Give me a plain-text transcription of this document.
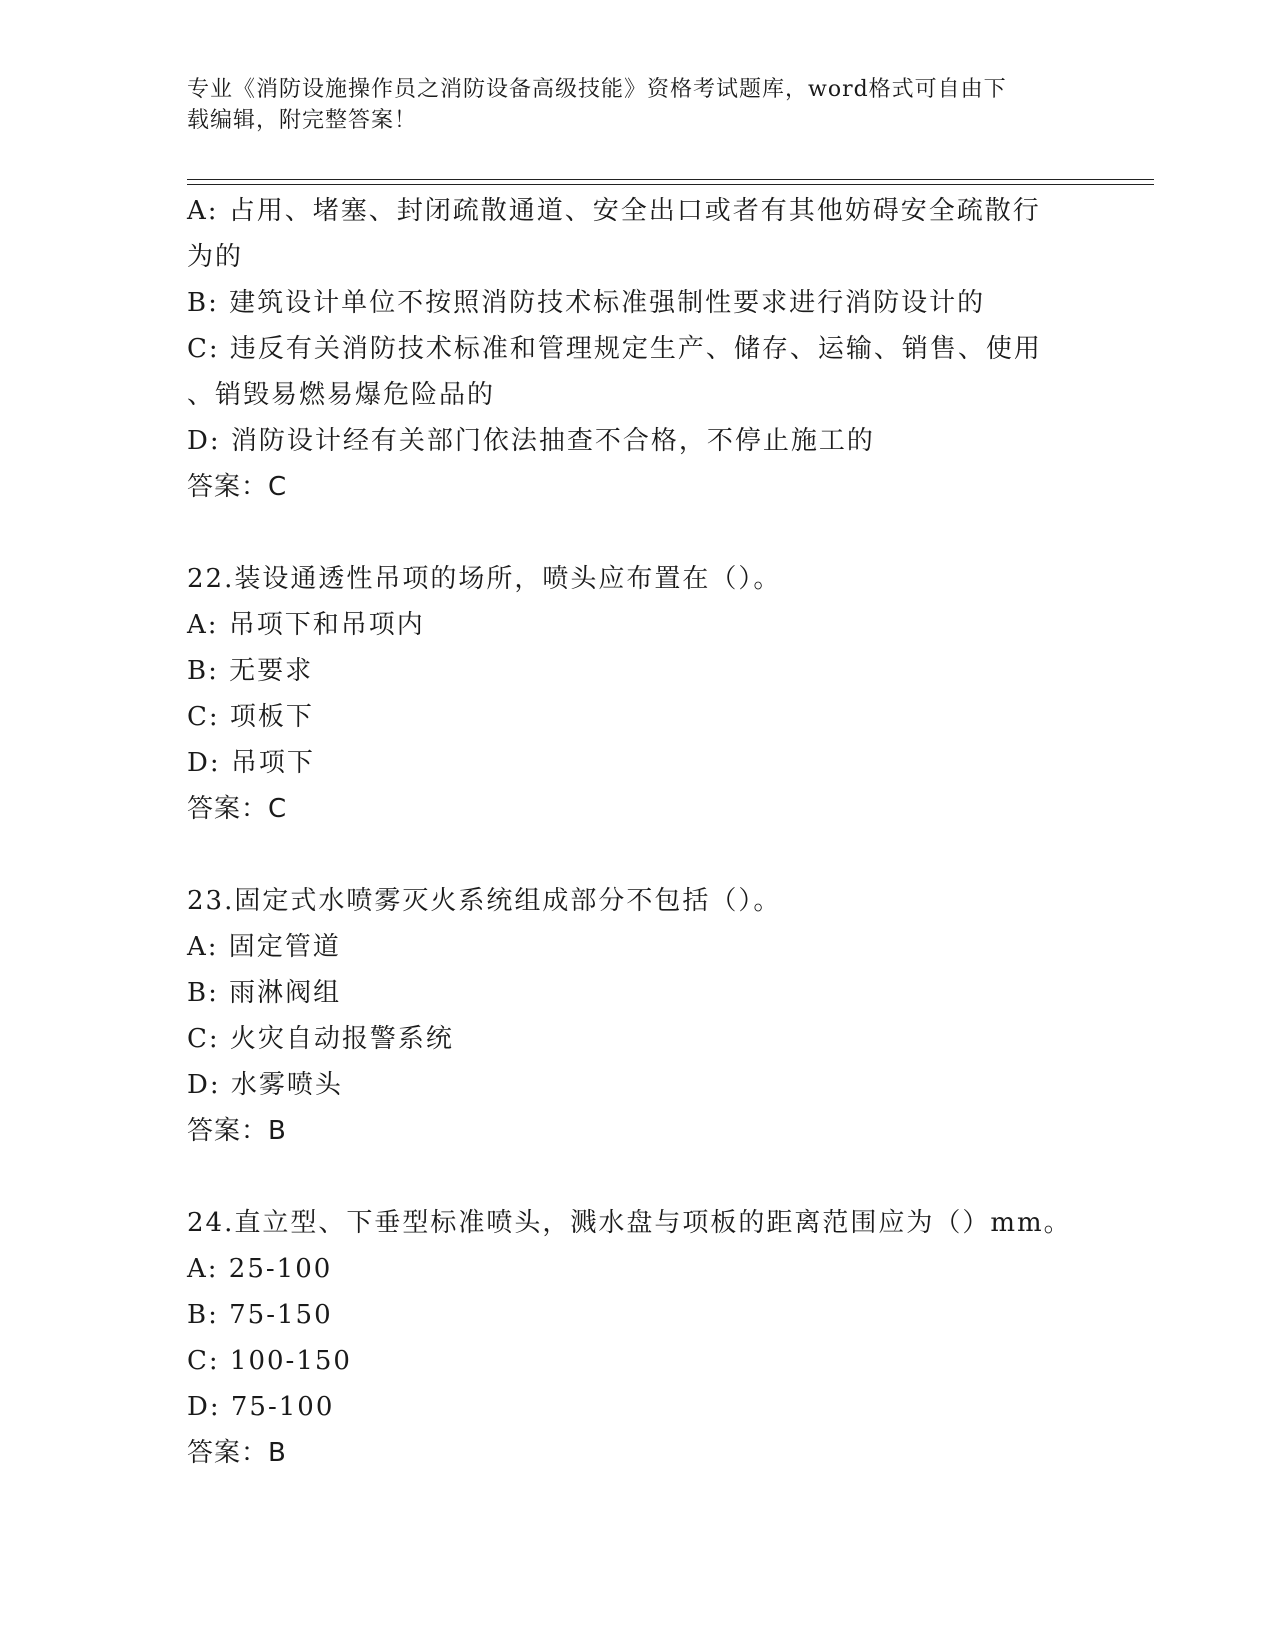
专业《消防设施操作员之消防设备高级技能》资格考试题库，word格式可自由下
载编辑，附完整答案！
A: 占用、堵塞、封闭疏散通道、安全出口或者有其他妨碍安全疏散行
为的
B: 建筑设计单位不按照消防技术标准强制性要求进行消防设计的
C: 违反有关消防技术标准和管理规定生产、储存、运输、销售、使用
、销毁易燃易爆危险品的
D: 消防设计经有关部门依法抽查不合格，不停止施工的
答案：C
22.装设通透性吊项的场所，喷头应布置在（）。
A: 吊项下和吊项内
B: 无要求
C: 项板下
D: 吊项下
答案：C
23.固定式水喷雾灭火系统组成部分不包括（）。
A: 固定管道
B: 雨淋阀组
C: 火灾自动报警系统
D: 水雾喷头
答案：B
24.直立型、下垂型标准喷头，溅水盘与项板的距离范围应为（）mm。
A: 25-100
B: 75-150
C: 100-150
D: 75-100
答案：B
